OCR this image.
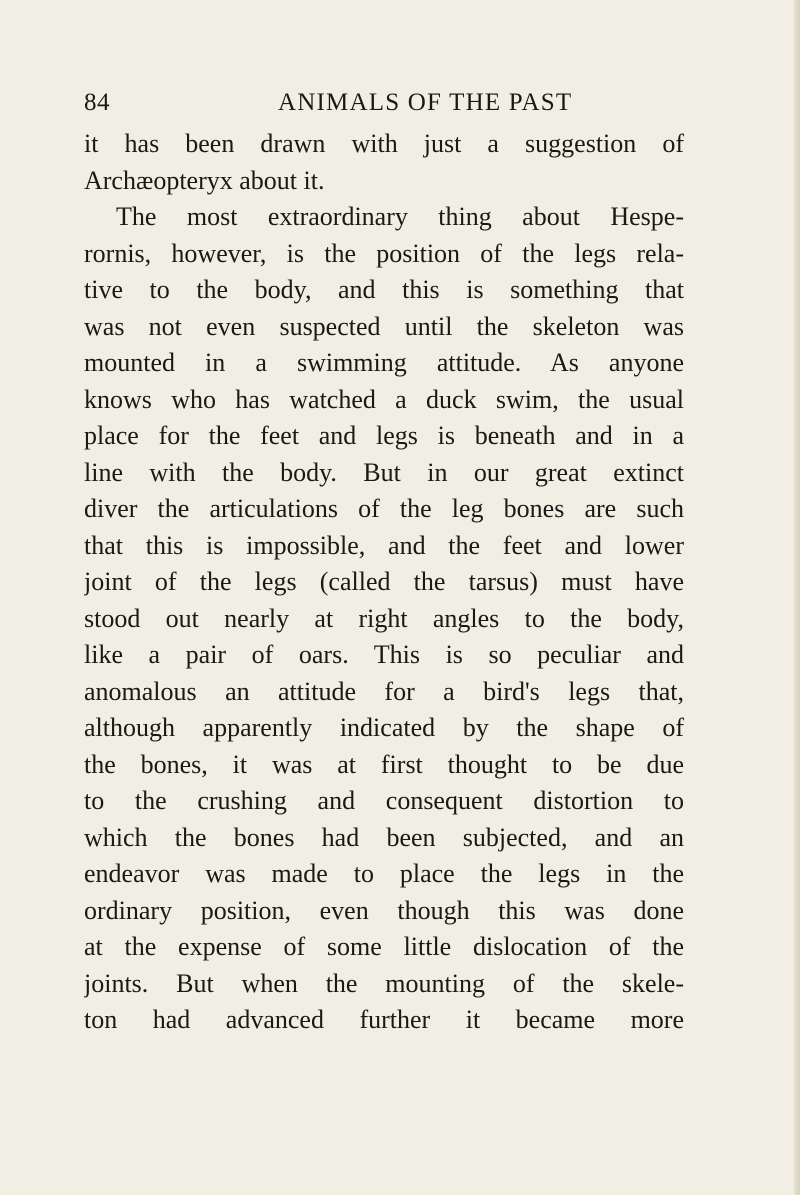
84	ANIMALS OF THE PAST
it has been drawn with just a suggestion of
Archæopteryx about it.
The most extraordinary thing about Hespe-
rornis, however, is the position of the legs rela-
tive to the body, and this is something that
was not even suspected until the skeleton was
mounted in a swimming attitude. As anyone
knows who has watched a duck swim, the usual
place for the feet and legs is beneath and in a
line with the body. But in our great extinct
diver the articulations of the leg bones are such
that this is impossible, and the feet and lower
joint of the legs (called the tarsus) must have
stood out nearly at right angles to the body,
like a pair of oars. This is so peculiar and
anomalous an attitude for a bird's legs that,
although apparently indicated by the shape of
the bones, it was at first thought to be due
to the crushing and consequent distortion to
which the bones had been subjected, and an
endeavor was made to place the legs in the
ordinary position, even though this was done
at the expense of some little dislocation of the
joints. But when the mounting of the skele-
ton had advanced further it became more
